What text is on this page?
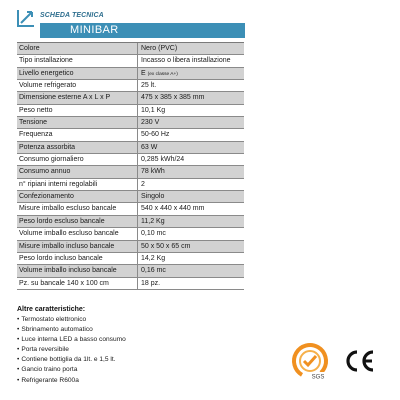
SCHEDA TECNICA
MINIBAR
Colore	Nero (PVC)
Tipo installazione	Incasso o libera installazione
Livello energetico	E (ex classe A+)
Volume refrigerato	25 lt.
Dimensione esterne A x L x P	475 x 385 x 385 mm
Peso netto	10,1 Kg
Tensione	230 V
Frequenza	50-60 Hz
Potenza assorbita	63 W
Consumo giornaliero	0,285 kWh/24
Consumo annuo	78 kWh
n° ripiani interni regolabili	2
Confezionamento	Singolo
Misure imballo escluso bancale	540 x 440 x 440 mm
Peso lordo escluso bancale	11,2 Kg
Volume imballo escluso bancale	0,10 mc
Misure imballo incluso bancale	50 x 50 x 65 cm
Peso lordo incluso bancale	14,2 Kg
Volume imballo incluso bancale	0,16 mc
Pz. su bancale 140 x 100 cm	18 pz.
Altre caratteristiche:
• Termostato elettronico
• Sbrinamento automatico
• Luce interna LED a basso consumo
• Porta reversibile
• Contiene bottiglia da 1lt. e 1,5 lt.
• Gancio traino porta
• Refrigerante R600a	SGS
